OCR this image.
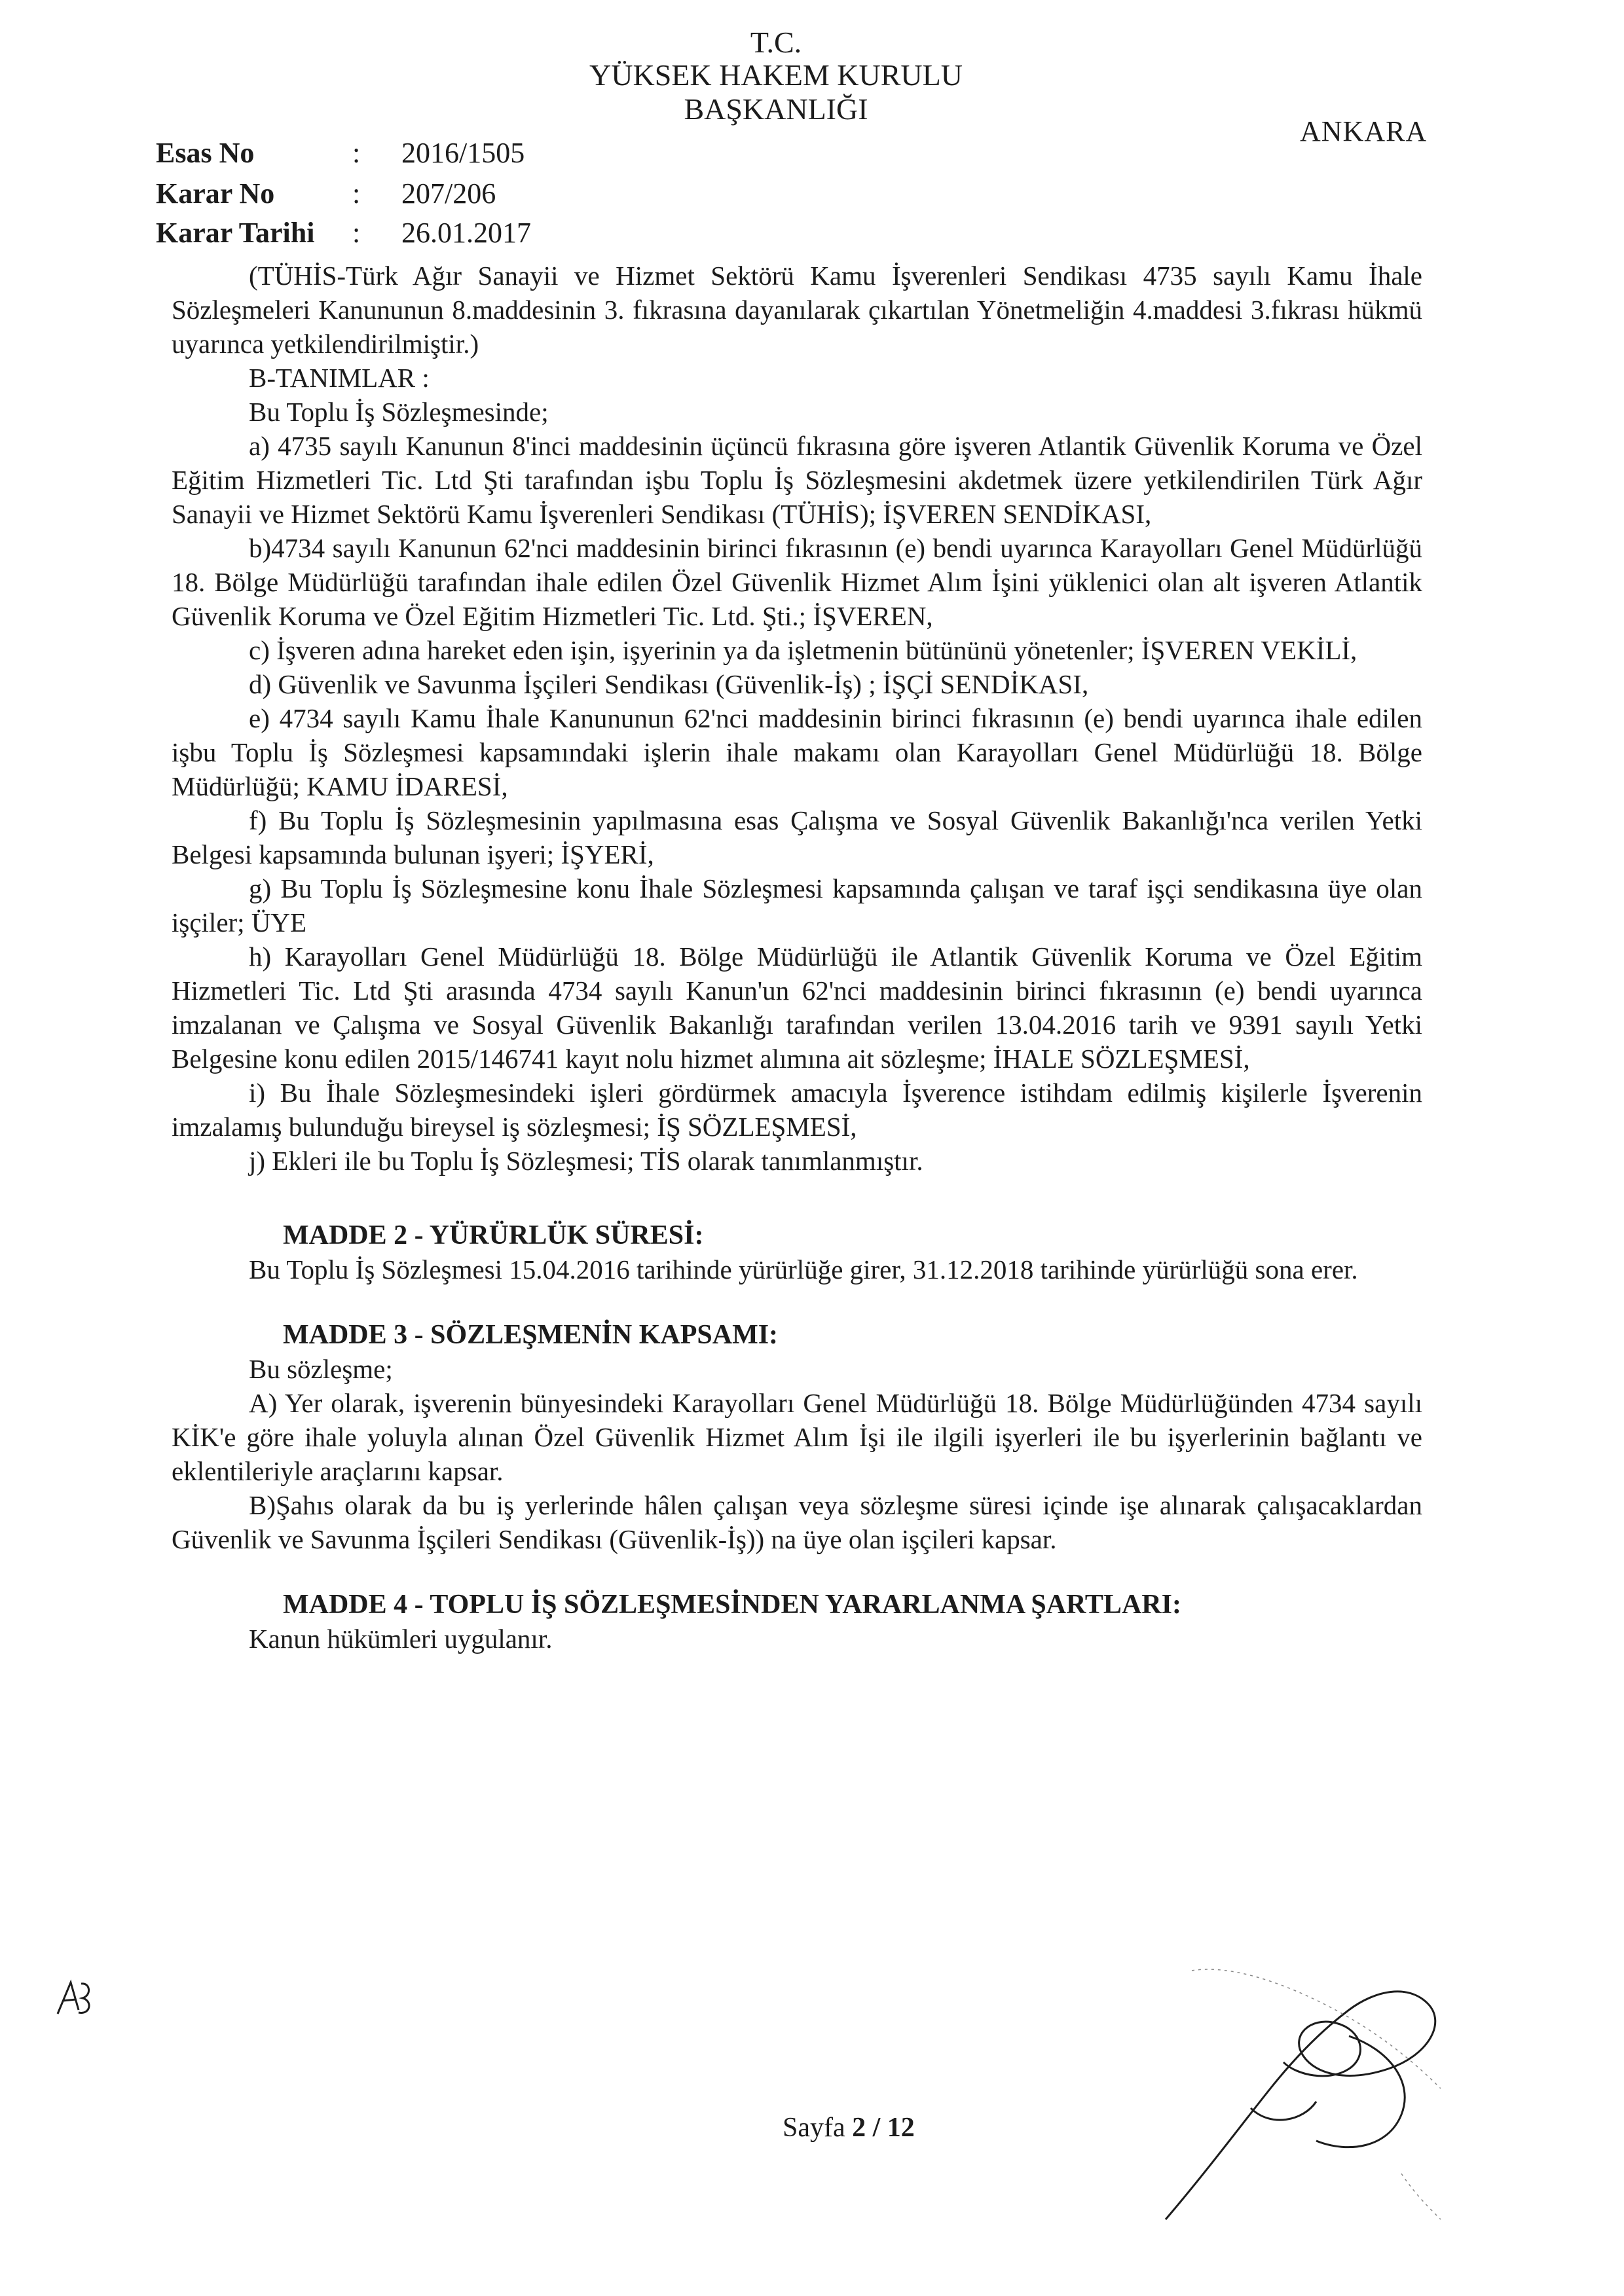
T.C.
YÜKSEK HAKEM KURULU
BAŞKANLIĞI
ANKARA
Esas No	: 2016/1505
Karar No	: 207/206
Karar Tarihi : 26.01.2017

(TÜHİS-Türk Ağır Sanayii ve Hizmet Sektörü Kamu İşverenleri Sendikası 4735 sayılı Kamu İhale Sözleşmeleri Kanununun 8.maddesinin 3. fıkrasına dayanılarak çıkartılan Yönetmeliğin 4.maddesi 3.fıkrası hükmü uyarınca yetkilendirilmiştir.)

B-TANIMLAR :

Bu Toplu İş Sözleşmesinde;

a) 4735 sayılı Kanunun 8'inci maddesinin üçüncü fıkrasına göre işveren Atlantik Güvenlik Koruma ve Özel Eğitim Hizmetleri Tic. Ltd Şti tarafından işbu Toplu İş Sözleşmesini akdetmek üzere yetkilendirilen Türk Ağır Sanayii ve Hizmet Sektörü Kamu İşverenleri Sendikası (TÜHİS); İŞVEREN SENDİKASI,

b)4734 sayılı Kanunun 62'nci maddesinin birinci fıkrasının (e) bendi uyarınca Karayolları Genel Müdürlüğü 18. Bölge Müdürlüğü tarafından ihale edilen Özel Güvenlik Hizmet Alım İşini yüklenici olan alt işveren Atlantik Güvenlik Koruma ve Özel Eğitim Hizmetleri Tic. Ltd. Şti.; İŞVEREN,

c) İşveren adına hareket eden işin, işyerinin ya da işletmenin bütününü yönetenler; İŞVEREN VEKİLİ,

d) Güvenlik ve Savunma İşçileri Sendikası (Güvenlik-İş) ; İŞÇİ SENDİKASI,

e) 4734 sayılı Kamu İhale Kanununun 62'nci maddesinin birinci fıkrasının (e) bendi uyarınca ihale edilen işbu Toplu İş Sözleşmesi kapsamındaki işlerin ihale makamı olan Karayolları Genel Müdürlüğü 18. Bölge Müdürlüğü; KAMU İDARESİ,

f) Bu Toplu İş Sözleşmesinin yapılmasına esas Çalışma ve Sosyal Güvenlik Bakanlığı'nca verilen Yetki Belgesi kapsamında bulunan işyeri; İŞYERİ,

g) Bu Toplu İş Sözleşmesine konu İhale Sözleşmesi kapsamında çalışan ve taraf işçi sendikasına üye olan işçiler; ÜYE

h) Karayolları Genel Müdürlüğü 18. Bölge Müdürlüğü ile Atlantik Güvenlik Koruma ve Özel Eğitim Hizmetleri Tic. Ltd Şti arasında 4734 sayılı Kanun'un 62'nci maddesinin birinci fıkrasının (e) bendi uyarınca imzalanan ve Çalışma ve Sosyal Güvenlik Bakanlığı tarafından verilen 13.04.2016 tarih ve 9391 sayılı Yetki Belgesine konu edilen 2015/146741 kayıt nolu hizmet alımına ait sözleşme; İHALE SÖZLEŞMESİ,

i) Bu İhale Sözleşmesindeki işleri gördürmek amacıyla İşverence istihdam edilmiş kişilerle İşverenin imzalamış bulunduğu bireysel iş sözleşmesi; İŞ SÖZLEŞMESİ,

j) Ekleri ile bu Toplu İş Sözleşmesi; TİS olarak tanımlanmıştır.

MADDE 2 - YÜRÜRLÜK SÜRESİ:

Bu Toplu İş Sözleşmesi 15.04.2016 tarihinde yürürlüğe girer, 31.12.2018 tarihinde yürürlüğü sona erer.

MADDE 3 - SÖZLEŞMENİN KAPSAMI:

Bu sözleşme;

A) Yer olarak, işverenin bünyesindeki Karayolları Genel Müdürlüğü 18. Bölge Müdürlüğünden 4734 sayılı KİK'e göre ihale yoluyla alınan Özel Güvenlik Hizmet Alım İşi ile ilgili işyerleri ile bu işyerlerinin bağlantı ve eklentileriyle araçlarını kapsar.

B)Şahıs olarak da bu iş yerlerinde hâlen çalışan veya sözleşme süresi içinde işe alınarak çalışacaklardan Güvenlik ve Savunma İşçileri Sendikası (Güvenlik-İş)) na üye olan işçileri kapsar.

MADDE 4 - TOPLU İŞ SÖZLEŞMESİNDEN YARARLANMA ŞARTLARI:

Kanun hükümleri uygulanır.

Sayfa 2 / 12
